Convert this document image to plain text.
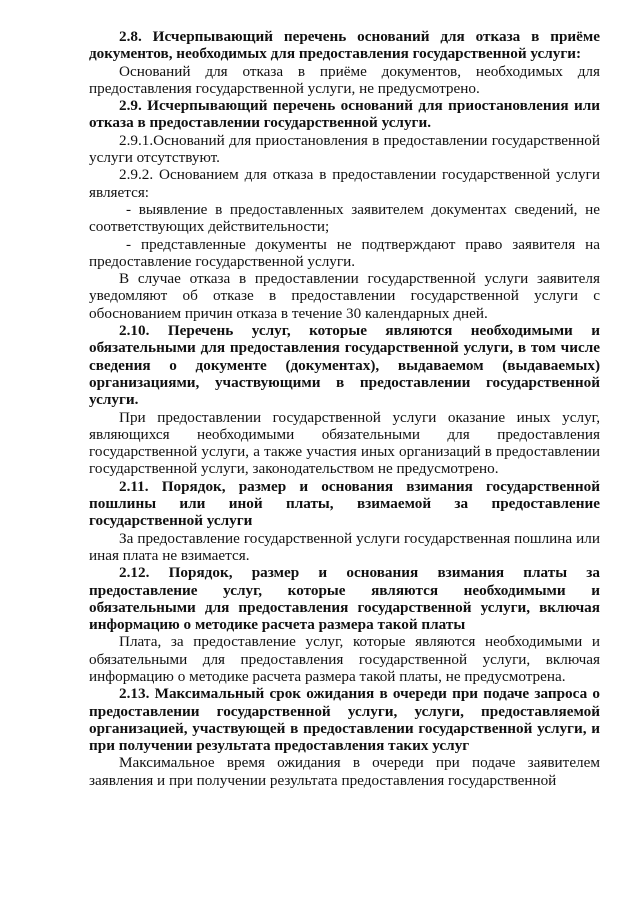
2.8. Исчерпывающий перечень оснований для отказа в приёме документов, необходимых для предоставления государственной услуги:

Оснований для отказа в приёме документов, необходимых для предоставления государственной услуги, не предусмотрено.

2.9. Исчерпывающий перечень оснований для приостановления или отказа в предоставлении государственной услуги.

2.9.1.Оснований для приостановления в предоставлении государственной услуги отсутствуют.

2.9.2. Основанием для отказа в предоставлении государственной услуги является:

- выявление в предоставленных заявителем документах сведений, не соответствующих действительности;

- представленные документы не подтверждают право заявителя на предоставление государственной услуги.

В случае отказа в предоставлении государственной услуги заявителя уведомляют об отказе в предоставлении государственной услуги с обоснованием причин отказа в течение 30 календарных дней.

2.10. Перечень услуг, которые являются необходимыми и обязательными для предоставления государственной услуги, в том числе сведения о документе (документах), выдаваемом (выдаваемых) организациями, участвующими в предоставлении государственной услуги.

При предоставлении государственной услуги оказание иных услуг, являющихся необходимыми обязательными для предоставления государственной услуги, а также участия иных организаций в предоставлении государственной услуги, законодательством не предусмотрено.

2.11. Порядок, размер и основания взимания государственной пошлины или иной платы, взимаемой за предоставление государственной услуги

За предоставление государственной услуги государственная пошлина или иная плата не взимается.

2.12. Порядок, размер и основания взимания платы за предоставление услуг, которые являются необходимыми и обязательными для предоставления государственной услуги, включая информацию о методике расчета размера такой платы

Плата, за предоставление услуг, которые являются необходимыми и обязательными для предоставления государственной услуги, включая информацию о методике расчета размера такой платы, не предусмотрена.

2.13. Максимальный срок ожидания в очереди при подаче запроса о предоставлении государственной услуги, услуги, предоставляемой организацией, участвующей в предоставлении государственной услуги, и при получении результата предоставления таких услуг

Максимальное время ожидания в очереди при подаче заявителем заявления и при получении результата предоставления государственной
